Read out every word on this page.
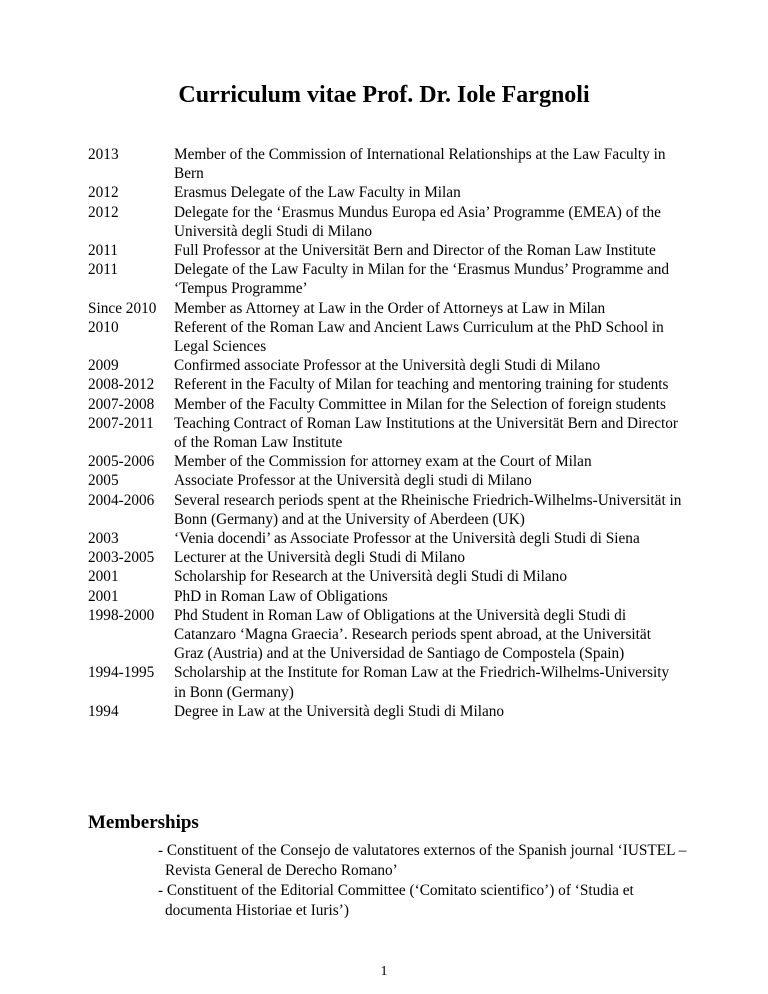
Curriculum vitae Prof. Dr. Iole Fargnoli
2013	Member of the Commission of International Relationships at the Law Faculty in Bern
2012	Erasmus Delegate of the Law Faculty in Milan
2012	Delegate for the ‘Erasmus Mundus Europa ed Asia’ Programme (EMEA) of the Università degli Studi di Milano
2011	Full Professor at the Universität Bern and Director of the Roman Law Institute
2011	Delegate of the Law Faculty in Milan for the ‘Erasmus Mundus’ Programme and ‘Tempus Programme’
Since 2010	Member as Attorney at Law in the Order of Attorneys at Law in Milan
2010	Referent of the Roman Law and Ancient Laws Curriculum at the PhD School in Legal Sciences
2009	Confirmed associate Professor at the Università degli Studi di Milano
2008-2012	Referent in the Faculty of Milan for teaching and mentoring training for students
2007-2008	Member of the Faculty Committee in Milan for the Selection of foreign students
2007-2011	Teaching Contract of Roman Law Institutions at the Universität Bern and Director of the Roman Law Institute
2005-2006	Member of the Commission for attorney exam at the Court of Milan
2005	Associate Professor at the Università degli studi di Milano
2004-2006	Several research periods spent at the Rheinische Friedrich-Wilhelms-Universität in Bonn (Germany) and at the University of Aberdeen (UK)
2003	‘Venia docendi’ as Associate Professor at the Università degli Studi di Siena
2003-2005	Lecturer at the Università degli Studi di Milano
2001	Scholarship for Research at the Università degli Studi di Milano
2001	PhD in Roman Law of Obligations
1998-2000	Phd Student in Roman Law of Obligations at the Università degli Studi di Catanzaro ‘Magna Graecia’. Research periods spent abroad, at the Universität Graz (Austria) and at the Universidad de Santiago de Compostela (Spain)
1994-1995	Scholarship at the Institute for Roman Law at the Friedrich-Wilhelms-University in Bonn (Germany)
1994	Degree in Law at the Università degli Studi di Milano
Memberships
- Constituent of the Consejo de valutatores externos of the Spanish journal ‘IUSTEL –
Revista General de Derecho Romano’
- Constituent of the Editorial Committee (‘Comitato scientifico’) of ‘Studia et
documenta Historiae et Iuris’)
1
